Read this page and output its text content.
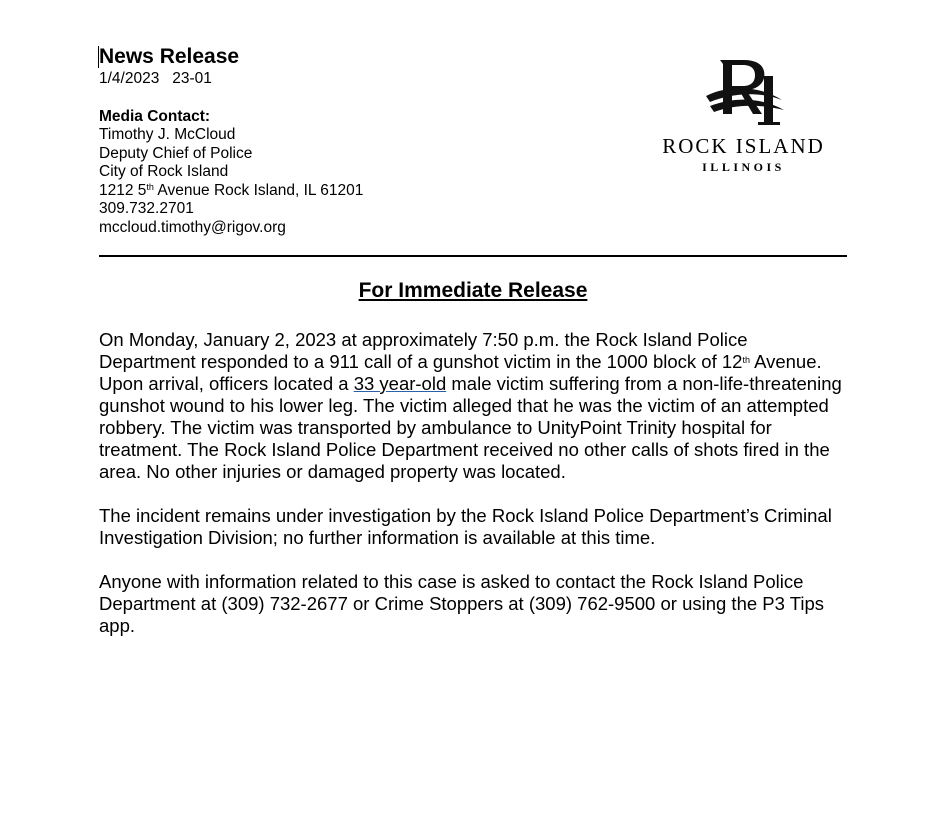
News Release
1/4/2023   23-01
Media Contact:
Timothy J. McCloud
Deputy Chief of Police
City of Rock Island
1212 5th Avenue Rock Island, IL 61201
309.732.2701
mccloud.timothy@rigov.org
ROCK ISLAND
ILLINOIS
For Immediate Release
On Monday, January 2, 2023 at approximately 7:50 p.m. the Rock Island Police Department responded to a 911 call of a gunshot victim in the 1000 block of 12th Avenue. Upon arrival, officers located a 33 year-old male victim suffering from a non-life-threatening gunshot wound to his lower leg. The victim alleged that he was the victim of an attempted robbery. The victim was transported by ambulance to UnityPoint Trinity hospital for treatment. The Rock Island Police Department received no other calls of shots fired in the area. No other injuries or damaged property was located.
The incident remains under investigation by the Rock Island Police Department’s Criminal Investigation Division; no further information is available at this time.
Anyone with information related to this case is asked to contact the Rock Island Police Department at (309) 732-2677 or Crime Stoppers at (309) 762-9500 or using the P3 Tips app.
